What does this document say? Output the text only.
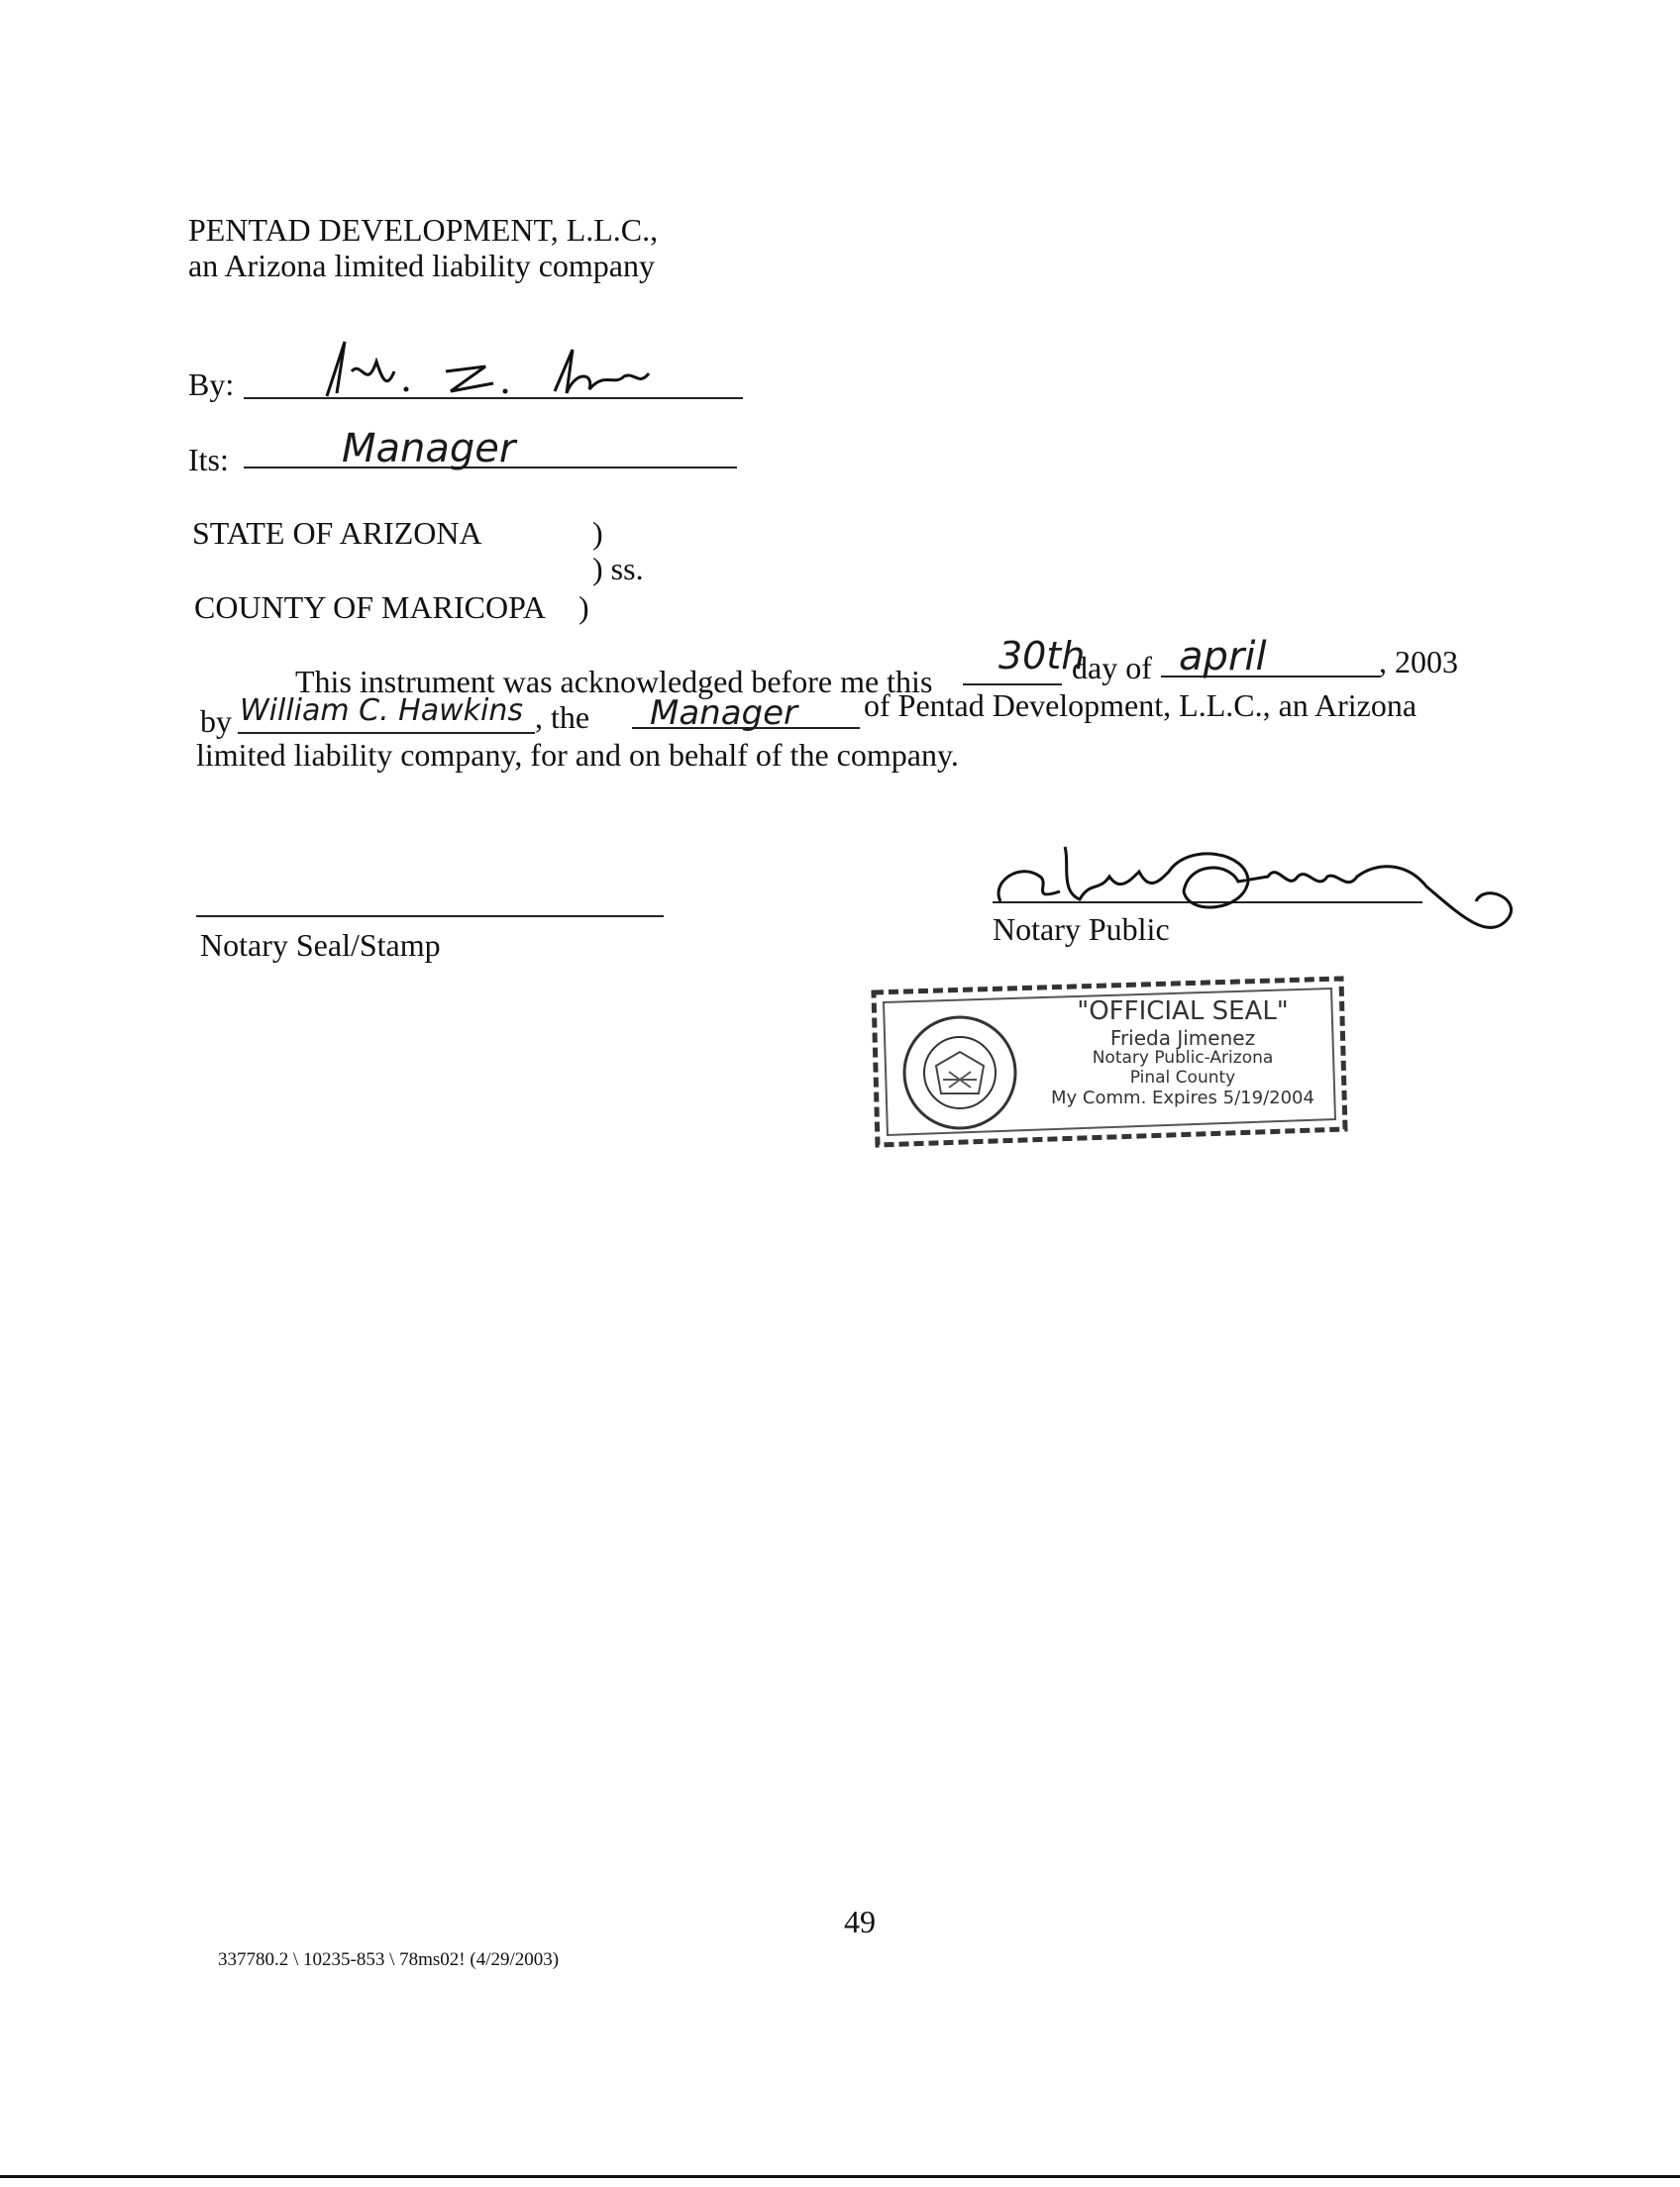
PENTAD DEVELOPMENT, L.L.C.,
an Arizona limited liability company
By:
Its:	Manager
STATE OF ARIZONA	)
) ss.
COUNTY OF MARICOPA )
This instrument was acknowledged before me this
30th
day of april	, 2003
by William C. Hawkins , the Manager of Pentad Development, L.L.C., an Arizona
limited liability company, for and on behalf of the company.
Notary Seal/Stamp	Notary Public
"OFFICIAL SEAL"
Frieda Jimenez
Notary Public-Arizona
Pinal County
My Comm. Expires 5/19/2004
49
337780.2 \ 10235-853 \ 78ms02! (4/29/2003)
